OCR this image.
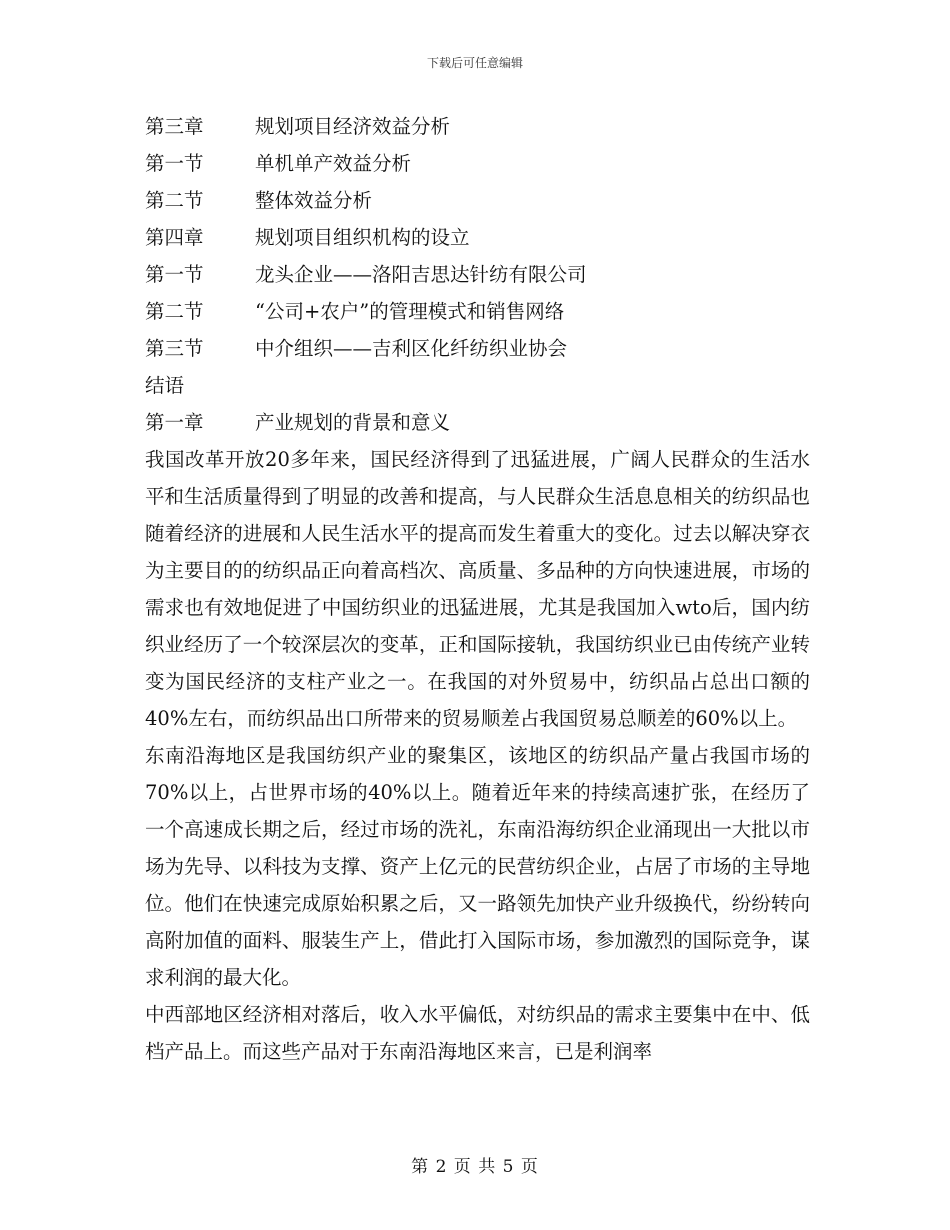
下载后可任意编辑
第三章	规划项目经济效益分析
第一节	单机单产效益分析
第二节	整体效益分析
第四章	规划项目组织机构的设立
第一节	龙头企业——洛阳吉思达针纺有限公司
第二节	“公司+农户”的管理模式和销售网络
第三节	中介组织——吉利区化纤纺织业协会
结语
第一章	产业规划的背景和意义

我国改革开放20多年来，国民经济得到了迅猛进展，广阔人民群众的生活水平和生活质量得到了明显的改善和提高，与人民群众生活息息相关的纺织品也随着经济的进展和人民生活水平的提高而发生着重大的变化。过去以解决穿衣为主要目的的纺织品正向着高档次、高质量、多品种的方向快速进展，市场的需求也有效地促进了中国纺织业的迅猛进展，尤其是我国加入wto后，国内纺织业经历了一个较深层次的变革，正和国际接轨，我国纺织业已由传统产业转变为国民经济的支柱产业之一。在我国的对外贸易中，纺织品占总出口额的40%左右，而纺织品出口所带来的贸易顺差占我国贸易总顺差的60%以上。

东南沿海地区是我国纺织产业的聚集区，该地区的纺织品产量占我国市场的70%以上，占世界市场的40%以上。随着近年来的持续高速扩张，在经历了一个高速成长期之后，经过市场的洗礼，东南沿海纺织企业涌现出一大批以市场为先导、以科技为支撑、资产上亿元的民营纺织企业，占居了市场的主导地位。他们在快速完成原始积累之后，又一路领先加快产业升级换代，纷纷转向高附加值的面料、服装生产上，借此打入国际市场，参加激烈的国际竞争，谋求利润的最大化。

中西部地区经济相对落后，收入水平偏低，对纺织品的需求主要集中在中、低档产品上。而这些产品对于东南沿海地区来言，已是利润率

第 2 页 共 5 页
